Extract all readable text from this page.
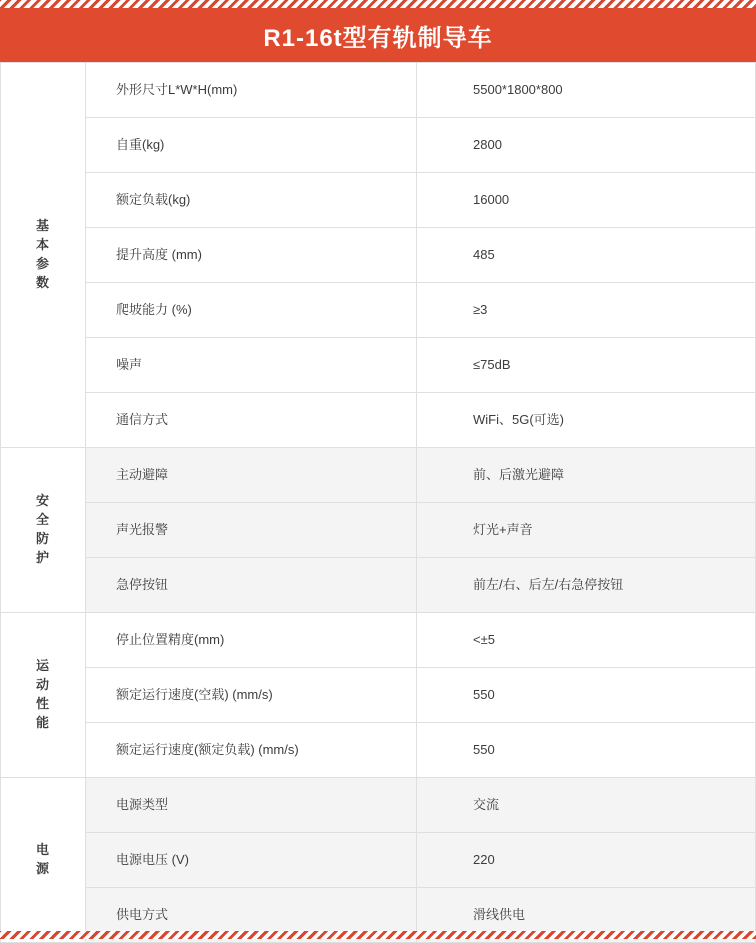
R1-16t型有轨制导车
基本参数	外形尺寸L*W*H(mm)	5500*1800*800
	自重(kg)	2800
	额定负载(kg)	16000
	提升高度 (mm)	485
	爬坡能力 (%)	≥3
	噪声	≤75dB
	通信方式	WiFi、5G(可选)

安全防护	主动避障	前、后激光避障
	声光报警	灯光+声音
	急停按钮	前左/右、后左/右急停按钮

运动性能	停止位置精度(mm)	<±5
	额定运行速度(空载) (mm/s)	550
	额定运行速度(额定负载) (mm/s)	550

电源	电源类型	交流
	电源电压 (V)	220
	供电方式	滑线供电
